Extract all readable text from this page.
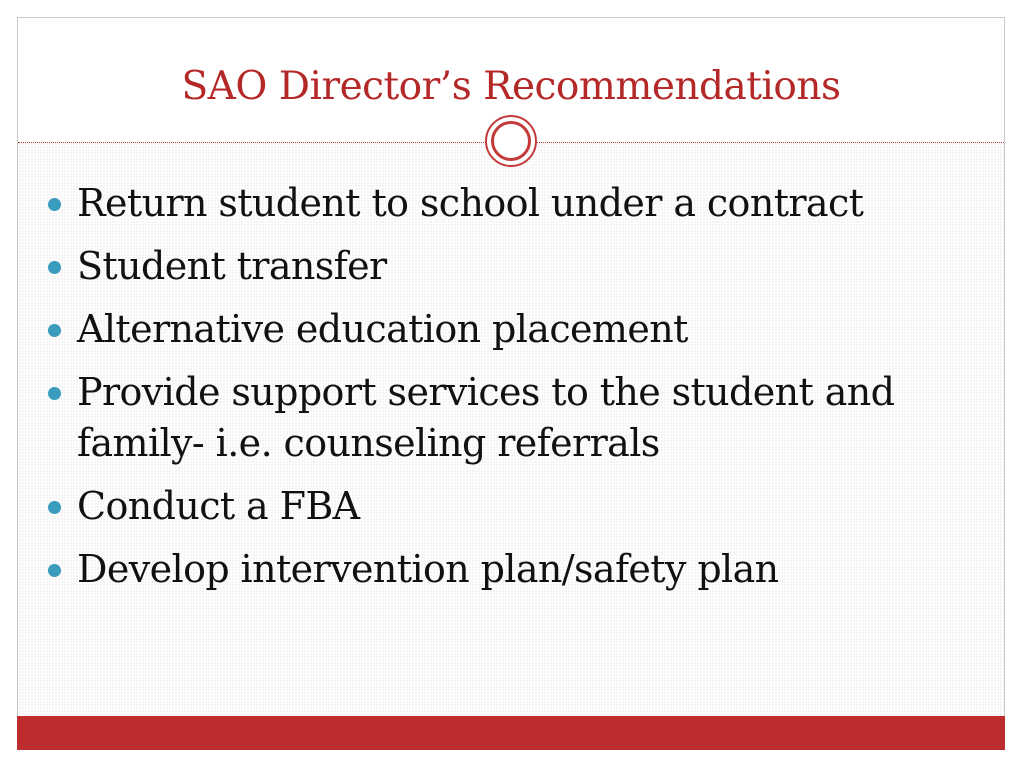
SAO Director’s Recommendations
Return student to school under a contract
Student transfer
Alternative education placement
Provide support services to the student and family- i.e. counseling referrals
Conduct a FBA
Develop intervention plan/safety plan
